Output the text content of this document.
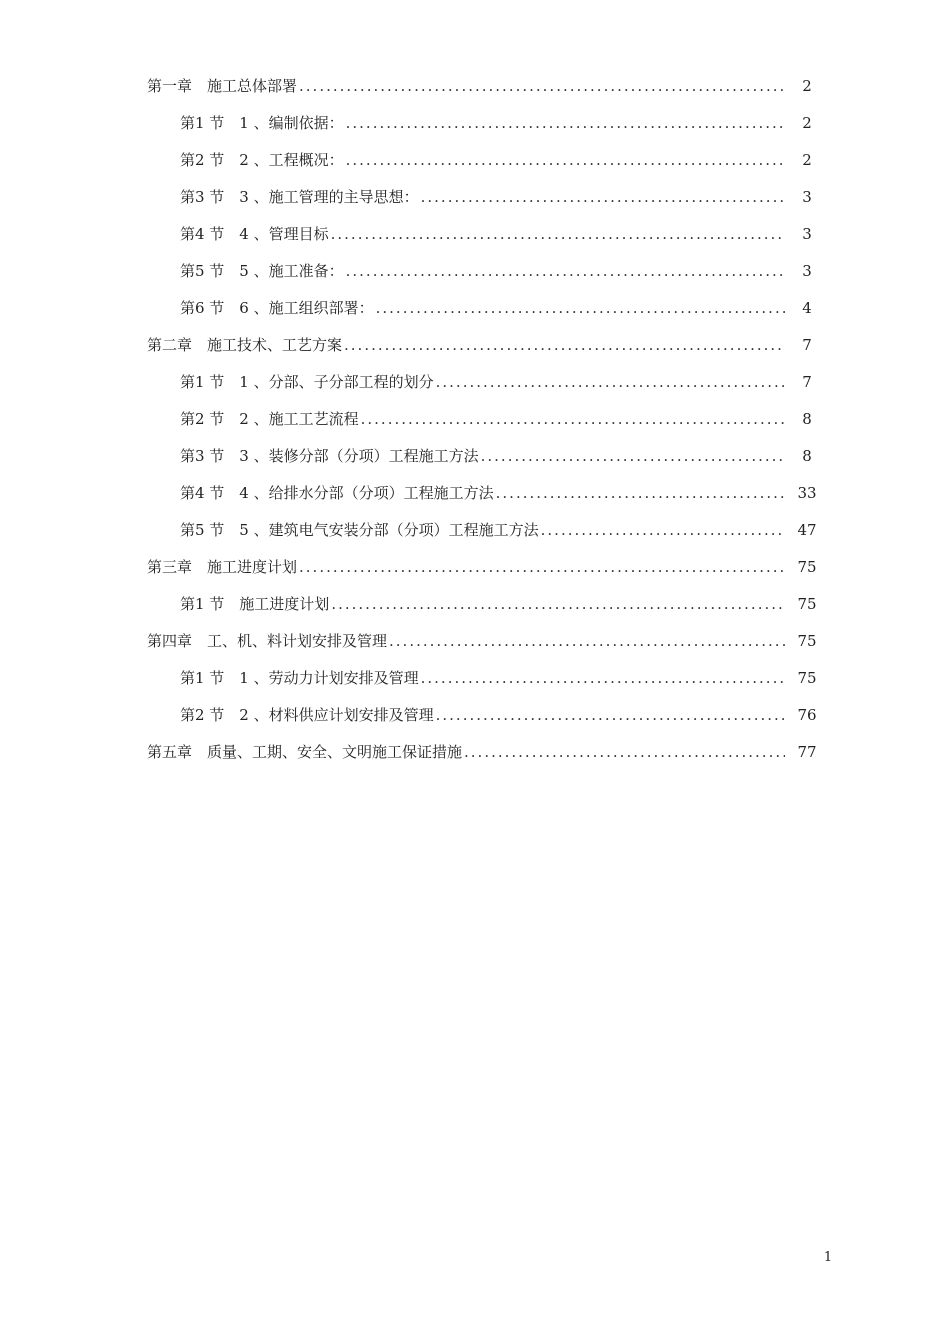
第一章　施工总体部署 .....	2
第1 节　1 、编制依据： .....	2
第2 节　2 、工程概况： .....	2
第3 节　3 、施工管理的主导思想： .....	3
第4 节　4 、管理目标 .....	3
第5 节　5 、施工准备： .....	3
第6 节　6 、施工组织部署： .....	4
第二章　施工技术、工艺方案 .....	7
第1 节　1 、分部、子分部工程的划分 .....	7
第2 节　2 、施工工艺流程 .....	8
第3 节　3 、装修分部（分项）工程施工方法 .....	8
第4 节　4 、给排水分部（分项）工程施工方法 .....	33
第5 节　5 、建筑电气安装分部（分项）工程施工方法 .....	47
第三章　施工进度计划 .....	75
第1 节　施工进度计划 .....	75
第四章　工、机、料计划安排及管理 .....	75
第1 节　1 、劳动力计划安排及管理 .....	75
第2 节　2 、材料供应计划安排及管理 .....	76
第五章　质量、工期、安全、文明施工保证措施 .....	77
1
